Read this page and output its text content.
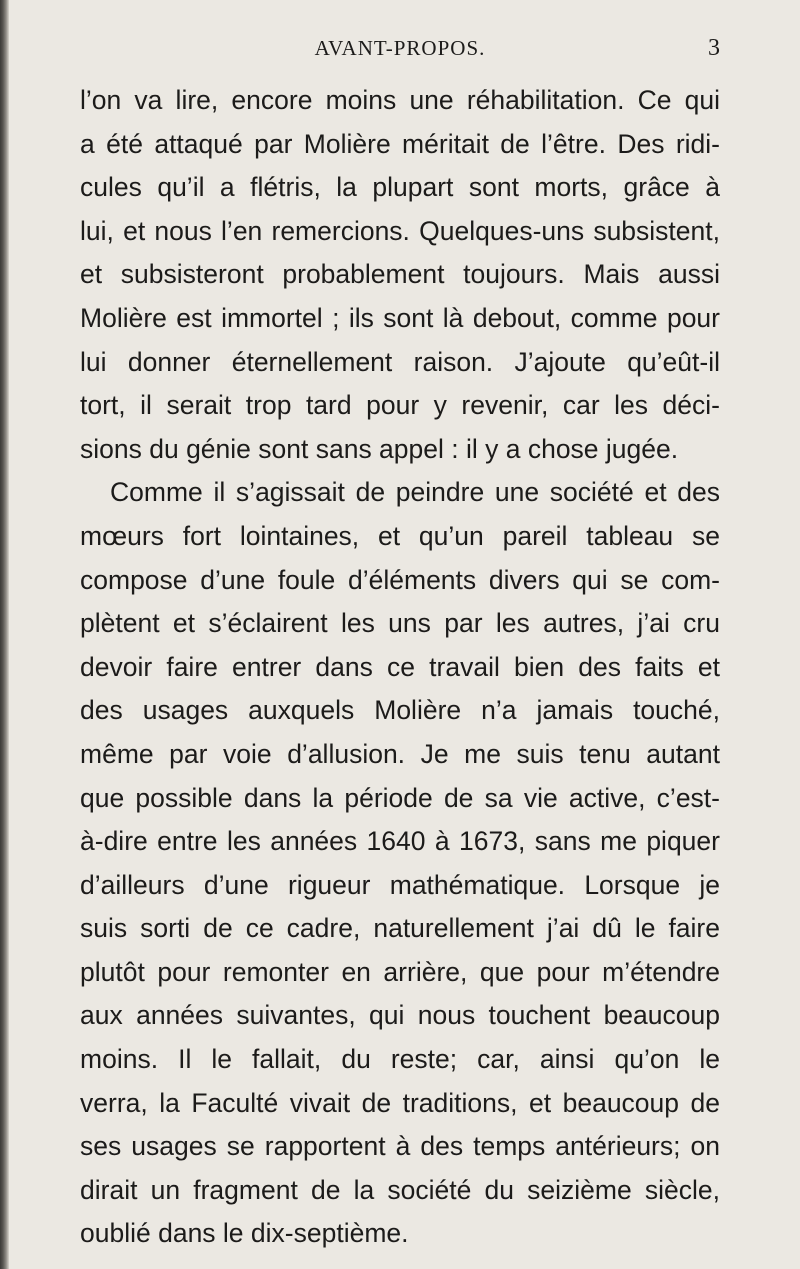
AVANT-PROPOS.	3
l’on va lire, encore moins une réhabilitation. Ce qui
a été attaqué par Molière méritait de l’être. Des ridi-
cules qu’il a flétris, la plupart sont morts, grâce à
lui, et nous l’en remercions. Quelques-uns subsistent,
et subsisteront probablement toujours. Mais aussi
Molière est immortel ; ils sont là debout, comme pour
lui donner éternellement raison. J’ajoute qu’eût-il
tort, il serait trop tard pour y revenir, car les déci-
sions du génie sont sans appel : il y a chose jugée.
Comme il s’agissait de peindre une société et des
mœurs fort lointaines, et qu’un pareil tableau se
compose d’une foule d’éléments divers qui se com-
plètent et s’éclairent les uns par les autres, j’ai cru
devoir faire entrer dans ce travail bien des faits et
des usages auxquels Molière n’a jamais touché,
même par voie d’allusion. Je me suis tenu autant
que possible dans la période de sa vie active, c’est-
à-dire entre les années 1640 à 1673, sans me piquer
d’ailleurs d’une rigueur mathématique. Lorsque je
suis sorti de ce cadre, naturellement j’ai dû le faire
plutôt pour remonter en arrière, que pour m’étendre
aux années suivantes, qui nous touchent beaucoup
moins. Il le fallait, du reste; car, ainsi qu’on le
verra, la Faculté vivait de traditions, et beaucoup de
ses usages se rapportent à des temps antérieurs; on
dirait un fragment de la société du seizième siècle,
oublié dans le dix-septième.
